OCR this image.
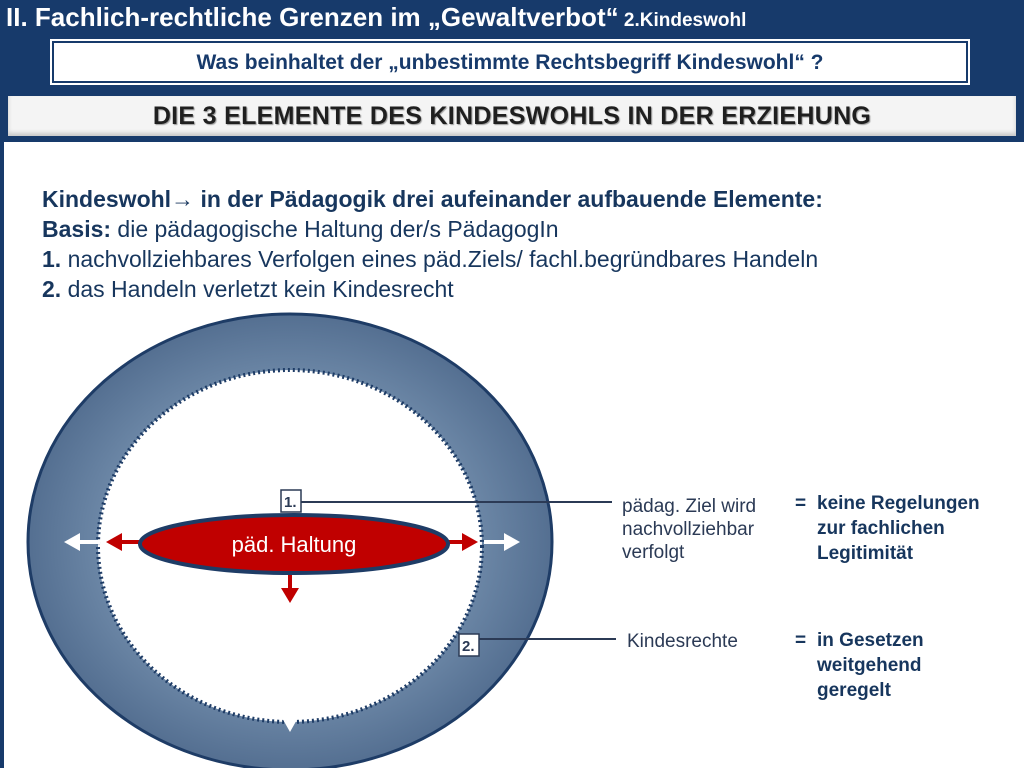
II. Fachlich-rechtliche Grenzen im „Gewaltverbot“ 2.Kindeswohl
Was beinhaltet der „unbestimmte Rechtsbegriff Kindeswohl“ ?
DIE 3 ELEMENTE DES KINDESWOHLS IN DER ERZIEHUNG
Kindeswohl→ in der Pädagogik drei aufeinander aufbauende Elemente:
Basis: die pädagogische Haltung der/s PädagogIn
1. nachvollziehbares Verfolgen eines päd.Ziels/ fachl.begründbares Handeln
2. das Handeln verletzt kein Kindesrecht
päd. Haltung
1.
2.
pädag. Ziel wird
nachvollziehbar
verfolgt
= keine Regelungen
zur fachlichen
Legitimität
Kindesrechte	= in Gesetzen
weitgehend
geregelt
